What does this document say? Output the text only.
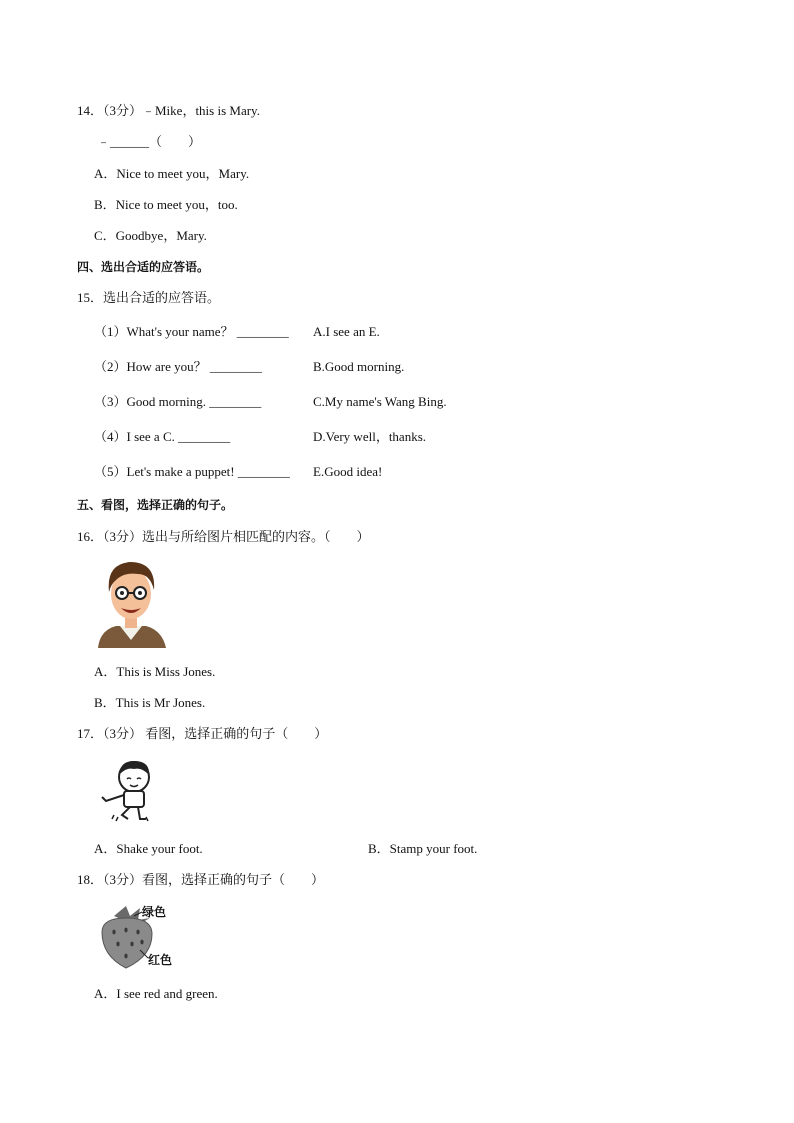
14．（3分）﹣Mike，this is Mary.
﹣______（　　）
A．Nice to meet you，Mary.
B．Nice to meet you，too.
C．Goodbye，Mary.
四、选出合适的应答语。
15．选出合适的应答语。
（1）What's your name？ ________ A.I see an E.
（2）How are you？ ________	B.Good morning.
（3）Good morning. ________	C.My name's Wang Bing.
（4）I see a C. ________	D.Very well，thanks.
（5）Let's make a puppet! ________ E.Good idea!
五、看图，选择正确的句子。
16．（3分）选出与所给图片相匹配的内容。（　　）
A．This is Miss Jones.
B．This is Mr Jones.
17．（3分） 看图，选择正确的句子（　　）
A．Shake your foot.	B．Stamp your foot.
18．（3分）看图，选择正确的句子（　　）
绿色
红色
A．I see red and green.
